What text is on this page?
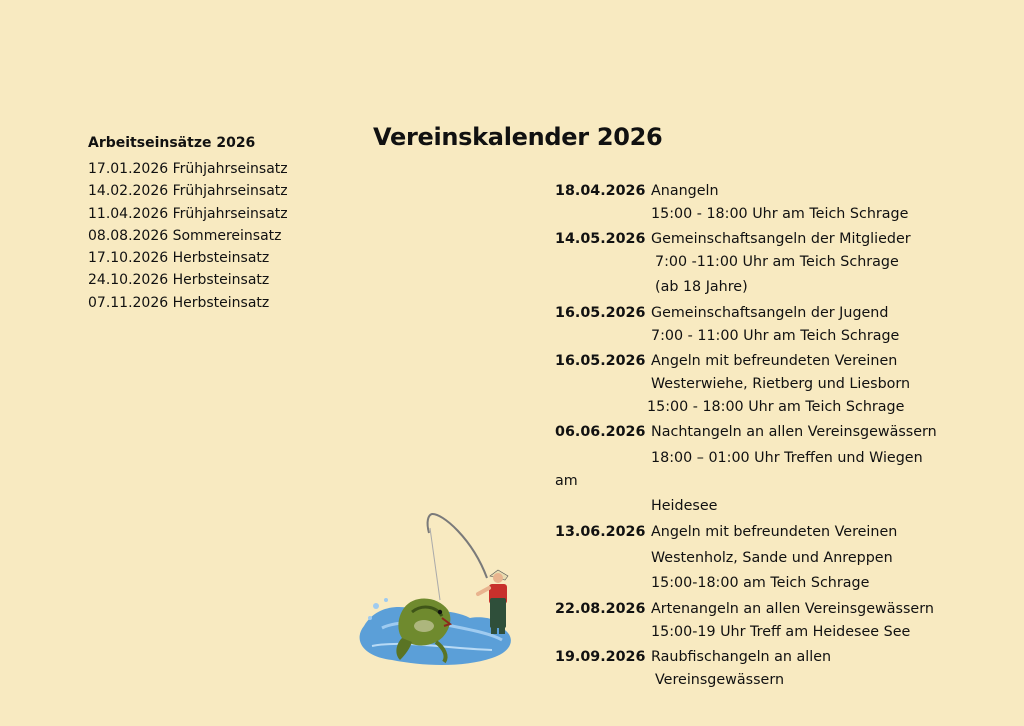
Arbeitseinsätze 2026
17.01.2026 Frühjahrseinsatz
14.02.2026 Frühjahrseinsatz
11.04.2026 Frühjahrseinsatz
08.08.2026 Sommereinsatz
17.10.2026 Herbsteinsatz
24.10.2026 Herbsteinsatz
07.11.2026 Herbsteinsatz
Vereinskalender 2026
18.04.2026 Anangeln
15:00 - 18:00 Uhr am Teich Schrage
14.05.2026 Gemeinschaftsangeln der Mitglieder
7:00 -11:00 Uhr am Teich Schrage
(ab 18 Jahre)
16.05.2026 Gemeinschaftsangeln der Jugend
7:00 - 11:00 Uhr am Teich Schrage
16.05.2026 Angeln mit befreundeten Vereinen
Westerwiehe, Rietberg und Liesborn
15:00 - 18:00 Uhr am Teich Schrage
06.06.2026 Nachtangeln an allen Vereinsgewässern
18:00 – 01:00 Uhr Treffen und Wiegen
am
Heidesee
13.06.2026 Angeln mit befreundeten Vereinen
Westenholz, Sande und Anreppen
15:00-18:00 am Teich Schrage
22.08.2026 Artenangeln an allen Vereinsgewässern
15:00-19 Uhr Treff am Heidesee See
19.09.2026 Raubfischangeln an allen
Vereinsgewässern
